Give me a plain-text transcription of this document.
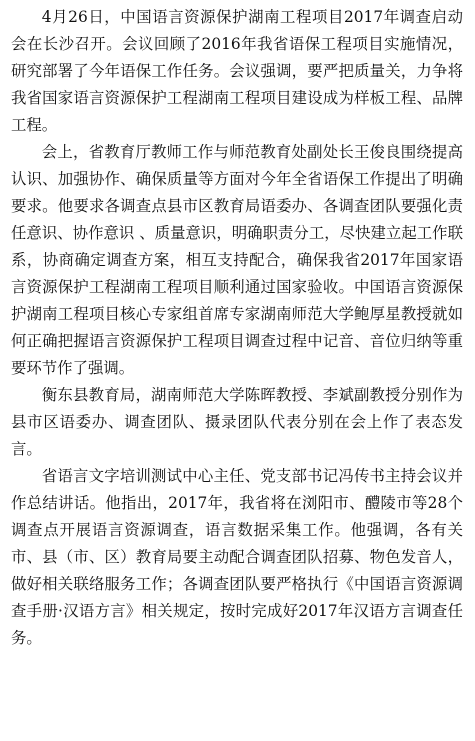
4月26日，中国语言资源保护湖南工程项目2017年调查启动会在长沙召开。会议回顾了2016年我省语保工程项目实施情况，研究部署了今年语保工作任务。会议强调，要严把质量关，力争将我省国家语言资源保护工程湖南工程项目建设成为样板工程、品牌工程。

会上，省教育厅教师工作与师范教育处副处长王俊良围绕提高认识、加强协作、确保质量等方面对今年全省语保工作提出了明确要求。他要求各调查点县市区教育局语委办、各调查团队要强化责任意识、协作意识 、质量意识，明确职责分工，尽快建立起工作联系，协商确定调查方案，相互支持配合，确保我省2017年国家语言资源保护工程湖南工程项目顺利通过国家验收。中国语言资源保护湖南工程项目核心专家组首席专家湖南师范大学鲍厚星教授就如何正确把握语言资源保护工程项目调查过程中记音、音位归纳等重要环节作了强调。

衡东县教育局，湖南师范大学陈晖教授、李斌副教授分别作为县市区语委办、调查团队、摄录团队代表分别在会上作了表态发言。

省语言文字培训测试中心主任、党支部书记冯传书主持会议并作总结讲话。他指出，2017年，我省将在浏阳市、醴陵市等28个调查点开展语言资源调查，语言数据采集工作。他强调，各有关市、县（市、区）教育局要主动配合调查团队招募、物色发音人，做好相关联络服务工作；各调查团队要严格执行《中国语言资源调查手册·汉语方言》相关规定，按时完成好2017年汉语方言调查任务。
